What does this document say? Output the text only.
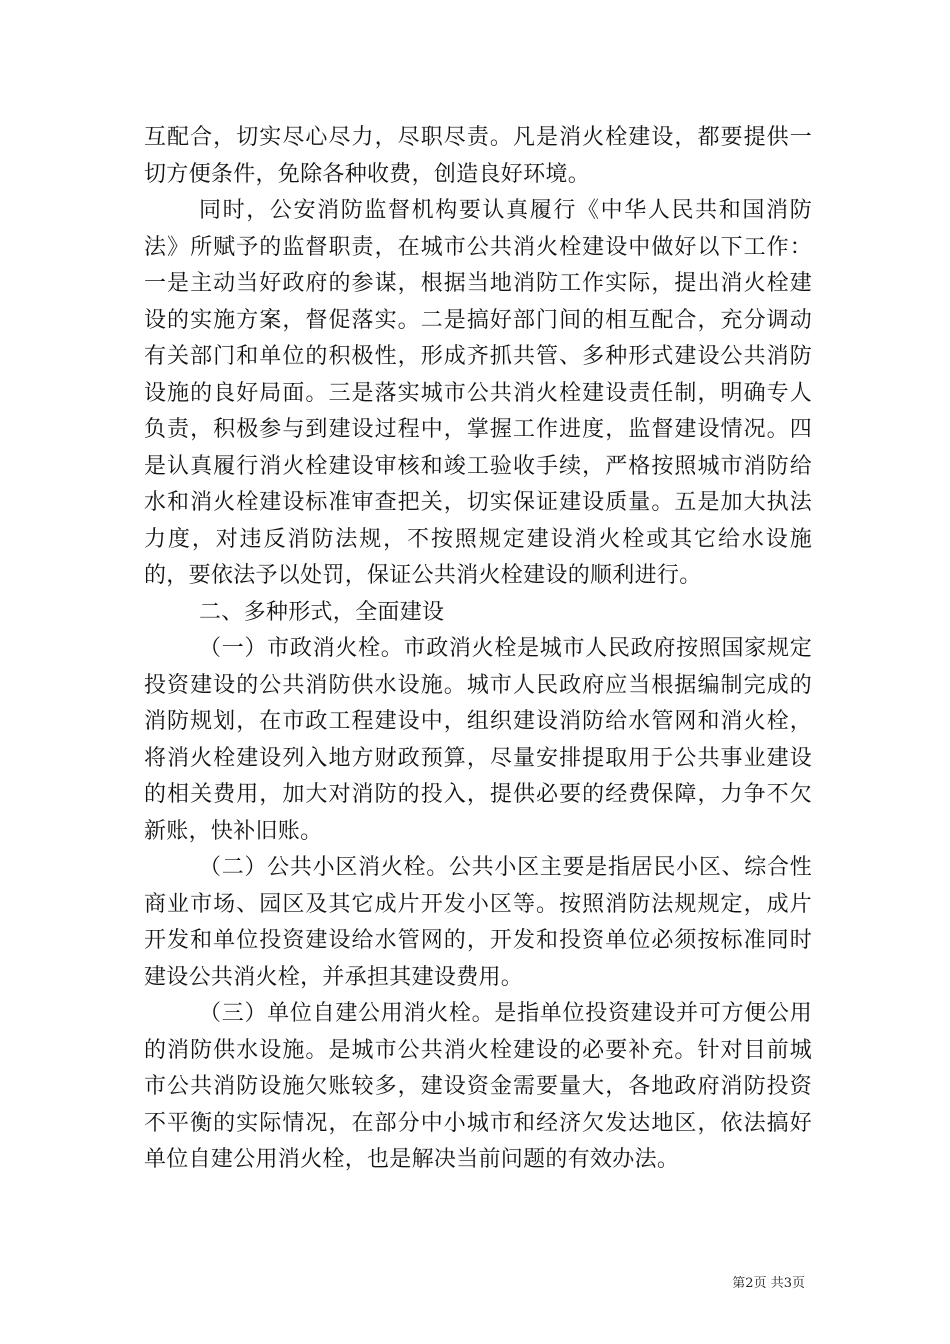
互配合，切实尽心尽力，尽职尽责。凡是消火栓建设，都要提供一切方便条件，免除各种收费，创造良好环境。

同时，公安消防监督机构要认真履行《中华人民共和国消防法》所赋予的监督职责，在城市公共消火栓建设中做好以下工作：一是主动当好政府的参谋，根据当地消防工作实际，提出消火栓建设的实施方案，督促落实。二是搞好部门间的相互配合，充分调动有关部门和单位的积极性，形成齐抓共管、多种形式建设公共消防设施的良好局面。三是落实城市公共消火栓建设责任制，明确专人负责，积极参与到建设过程中，掌握工作进度，监督建设情况。四是认真履行消火栓建设审核和竣工验收手续，严格按照城市消防给水和消火栓建设标准审查把关，切实保证建设质量。五是加大执法力度，对违反消防法规，不按照规定建设消火栓或其它给水设施的，要依法予以处罚，保证公共消火栓建设的顺利进行。

二、多种形式，全面建设

（一）市政消火栓。市政消火栓是城市人民政府按照国家规定投资建设的公共消防供水设施。城市人民政府应当根据编制完成的消防规划，在市政工程建设中，组织建设消防给水管网和消火栓，将消火栓建设列入地方财政预算，尽量安排提取用于公共事业建设的相关费用，加大对消防的投入，提供必要的经费保障，力争不欠新账，快补旧账。

（二）公共小区消火栓。公共小区主要是指居民小区、综合性商业市场、园区及其它成片开发小区等。按照消防法规规定，成片开发和单位投资建设给水管网的，开发和投资单位必须按标准同时建设公共消火栓，并承担其建设费用。

（三）单位自建公用消火栓。是指单位投资建设并可方便公用的消防供水设施。是城市公共消火栓建设的必要补充。针对目前城市公共消防设施欠账较多，建设资金需要量大，各地政府消防投资不平衡的实际情况，在部分中小城市和经济欠发达地区，依法搞好单位自建公用消火栓，也是解决当前问题的有效办法。

第2页 共3页
